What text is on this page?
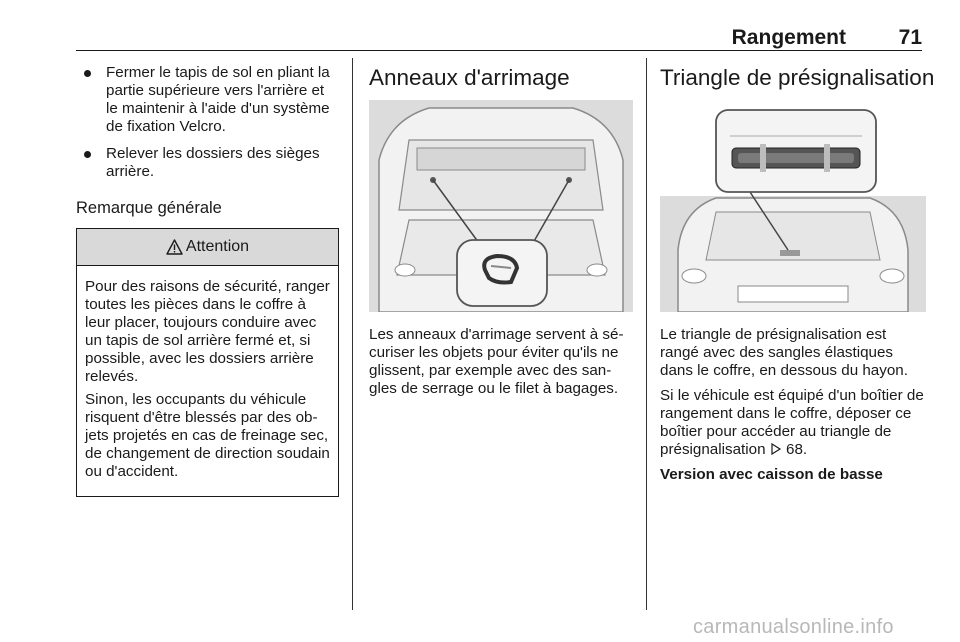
Rangement	71
Fermer le tapis de sol en pliant la partie supérieure vers l'arrière et le maintenir à l'aide d'un système de fixation Velcro.
Relever les dossiers des sièges arrière.
Remarque générale
Attention

Pour des raisons de sécurité, ranger toutes les pièces dans le coffre à leur placer, toujours conduire avec un tapis de sol arrière fermé et, si possible, avec les dossiers arrière relevés.

Sinon, les occupants du véhicule risquent d'être blessés par des objets projetés en cas de freinage sec, de changement de direction soudain ou d'accident.

Anneaux d'arrimage

Les anneaux d'arrimage servent à sécuriser les objets pour éviter qu'ils ne glissent, par exemple avec des sangles de serrage ou le filet à bagages.

Triangle de présignalisation

Le triangle de présignalisation est rangé avec des sangles élastiques dans le coffre, en dessous du hayon.

Si le véhicule est équipé d'un boîtier de rangement dans le coffre, déposer ce boîtier pour accéder au triangle de présignalisation 68.

Version avec caisson de basse

carmanualsonline.info
